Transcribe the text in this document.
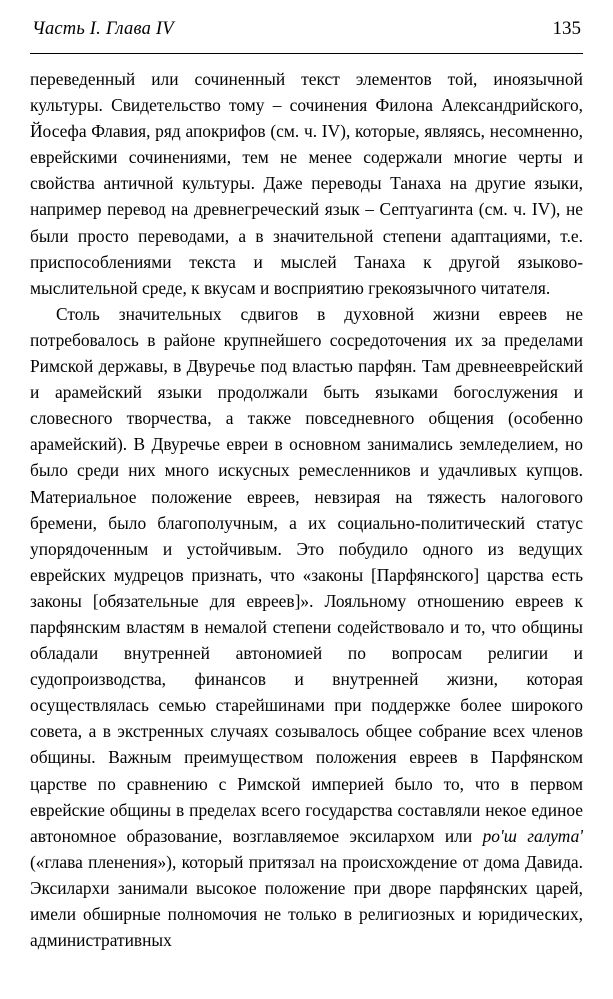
Часть I. Глава IV	135

переведенный или сочиненный текст элементов той, иноязычной культуры. Свидетельство тому – сочинения Филона Александрийского, Йосефа Флавия, ряд апокрифов (см. ч. IV), которые, являясь, несомненно, еврейскими сочинениями, тем не менее содержали многие черты и свойства античной культуры. Даже переводы Танаха на другие языки, например перевод на древнегреческий язык – Септуагинта (см. ч. IV), не были просто переводами, а в значительной степени адаптациями, т.е. приспособлениями текста и мыслей Танаха к другой языково-мыслительной среде, к вкусам и восприятию грекоязычного читателя.

Столь значительных сдвигов в духовной жизни евреев не потребовалось в районе крупнейшего сосредоточения их за пределами Римской державы, в Двуречье под властью парфян. Там древнееврейский и арамейский языки продолжали быть языками богослужения и словесного творчества, а также повседневного общения (особенно арамейский). В Двуречье евреи в основном занимались земледелием, но было среди них много искусных ремесленников и удачливых купцов. Материальное положение евреев, невзирая на тяжесть налогового бремени, было благополучным, а их социально-политический статус упорядоченным и устойчивым. Это побудило одного из ведущих еврейских мудрецов признать, что «законы [Парфянского] царства есть законы [обязательные для евреев]». Лояльному отношению евреев к парфянским властям в немалой степени содействовало и то, что общины обладали внутренней автономией по вопросам религии и судопроизводства, финансов и внутренней жизни, которая осуществлялась семью старейшинами при поддержке более широкого совета, а в экстренных случаях созывалось общее собрание всех членов общины. Важным преимуществом положения евреев в Парфянском царстве по сравнению с Римской империей было то, что в первом еврейские общины в пределах всего государства составляли некое единое автономное образование, возглавляемое эксилархом или ро'ш галута' («глава пленения»), который притязал на происхождение от дома Давида. Эксилархи занимали высокое положение при дворе парфянских царей, имели обширные полномочия не только в религиозных и юридических, административных
